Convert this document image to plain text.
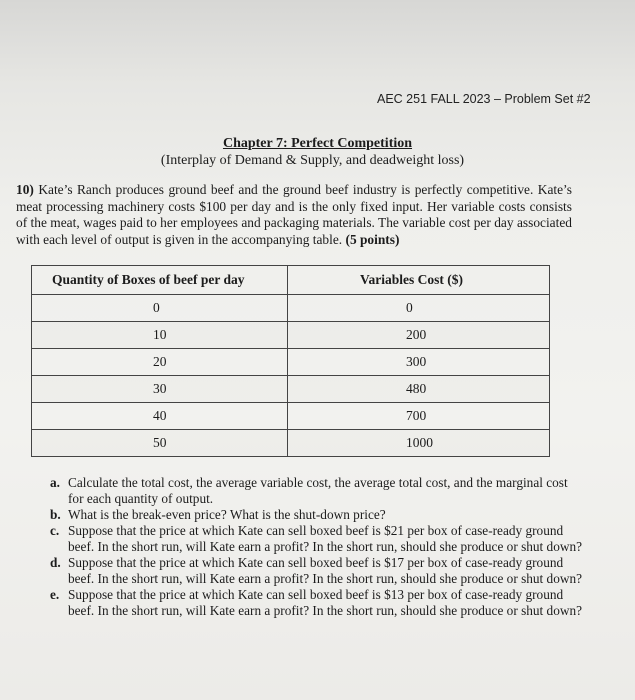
AEC 251 FALL 2023 – Problem Set #2
Chapter 7: Perfect Competition
(Interplay of Demand & Supply, and deadweight loss)
10) Kate’s Ranch produces ground beef and the ground beef industry is perfectly competitive. Kate’s meat processing machinery costs $100 per day and is the only fixed input. Her variable costs consists of the meat, wages paid to her employees and packaging materials. The variable cost per day associated with each level of output is given in the accompanying table. (5 points)
Quantity of Boxes of beef per day	Variables Cost ($)
0	0
10	200
20	300
30	480
40	700
50	1000
a. Calculate the total cost, the average variable cost, the average total cost, and the marginal cost for each quantity of output.
b. What is the break-even price? What is the shut-down price?
c. Suppose that the price at which Kate can sell boxed beef is $21 per box of case-ready ground beef. In the short run, will Kate earn a profit? In the short run, should she produce or shut down?
d. Suppose that the price at which Kate can sell boxed beef is $17 per box of case-ready ground beef. In the short run, will Kate earn a profit? In the short run, should she produce or shut down?
e. Suppose that the price at which Kate can sell boxed beef is $13 per box of case-ready ground beef. In the short run, will Kate earn a profit? In the short run, should she produce or shut down?
